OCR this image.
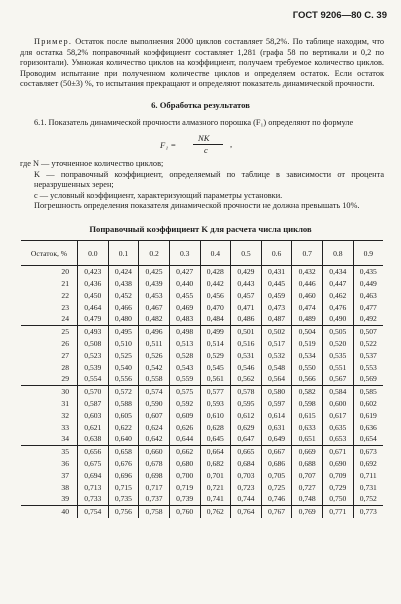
ГОСТ 9206—80 С. 39

Пример. Остаток после выполнения 2000 циклов составляет 58,2%. По таблице находим, что для остатка 58,2% поправочный коэффициент составляет 1,281 (графа 58 по вертикали и 0,2 по горизонтали). Умножая количество циклов на коэффициент, получаем требуемое количество циклов. Проводим испытание при полученном количестве циклов и определяем остаток. Если остаток составляет (50±3) %, то испытания прекращают и определяют показатель динамической прочности.

6. Обработка результатов

6.1. Показатель динамической прочности алмазного порошка (F₁) определяют по формуле

F₁ =
NK
c
,

где N — уточненное количество циклов;

K — поправочный коэффициент, определяемый по таблице в зависимости от процента неразрушенных зерен;

c — условный коэффициент, характеризующий параметры установки.

Погрешность определения показателя динамической прочности не должна превышать 10%.

Поправочный коэффициент K для расчета числа циклов
Остаток, %	0.0	0.1	0.2	0.3	0.4	0.5	0.6	0.7	0.8	0.9
20	0,423	0,424	0,425	0,427	0,428	0,429	0,431	0,432	0,434	0,435
21	0,436	0,438	0,439	0,440	0,442	0,443	0,445	0,446	0,447	0,449
22	0,450	0,452	0,453	0,455	0,456	0,457	0,459	0,460	0,462	0,463
23	0,464	0,466	0,467	0,469	0,470	0,471	0,473	0,474	0,476	0,477
24	0,479	0,480	0,482	0,483	0,484	0,486	0,487	0,489	0,490	0,492
25	0,493	0,495	0,496	0,498	0,499	0,501	0,502	0,504	0,505	0,507
26	0,508	0,510	0,511	0,513	0,514	0,516	0,517	0,519	0,520	0,522
27	0,523	0,525	0,526	0,528	0,529	0,531	0,532	0,534	0,535	0,537
28	0,539	0,540	0,542	0,543	0,545	0,546	0,548	0,550	0,551	0,553
29	0,554	0,556	0,558	0,559	0,561	0,562	0,564	0,566	0,567	0,569
30	0,570	0,572	0,574	0,575	0,577	0,578	0,580	0,582	0,584	0,585
31	0,587	0,588	0,590	0,592	0,593	0,595	0,597	0,598	0,600	0,602
32	0,603	0,605	0,607	0,609	0,610	0,612	0,614	0,615	0,617	0,619
33	0,621	0,622	0,624	0,626	0,628	0,629	0,631	0,633	0,635	0,636
34	0,638	0,640	0,642	0,644	0,645	0,647	0,649	0,651	0,653	0,654
35	0,656	0,658	0,660	0,662	0,664	0,665	0,667	0,669	0,671	0,673
36	0,675	0,676	0,678	0,680	0,682	0,684	0,686	0,688	0,690	0,692
37	0,694	0,696	0,698	0,700	0,701	0,703	0,705	0,707	0,709	0,711
38	0,713	0,715	0,717	0,719	0,721	0,723	0,725	0,727	0,729	0,731
39	0,733	0,735	0,737	0,739	0,741	0,744	0,746	0,748	0,750	0,752
40	0,754	0,756	0,758	0,760	0,762	0,764	0,767	0,769	0,771	0,773
